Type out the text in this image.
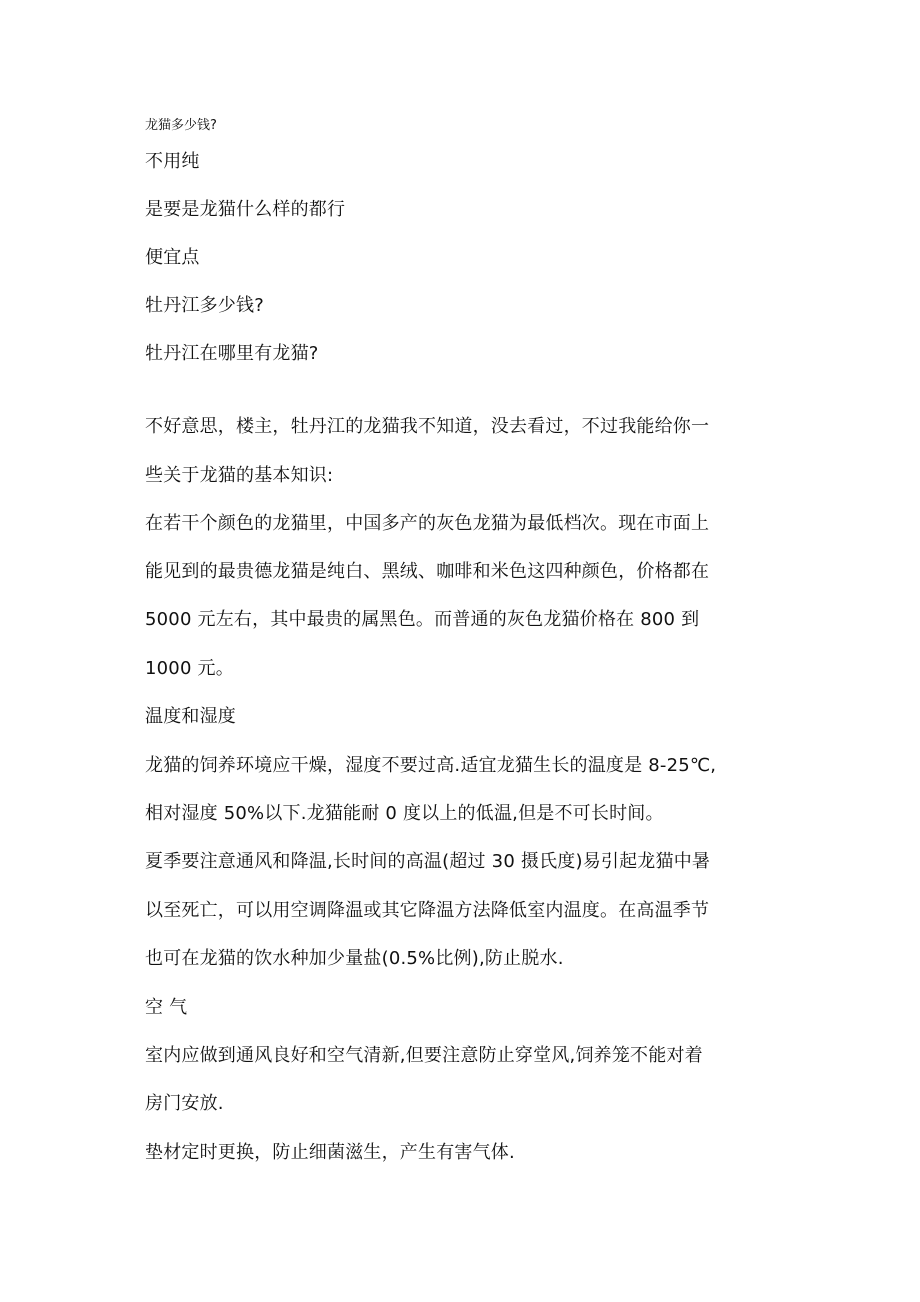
龙猫多少钱?
不用纯
是要是龙猫什么样的都行
便宜点
牡丹江多少钱?
牡丹江在哪里有龙猫?
不好意思，楼主，牡丹江的龙猫我不知道，没去看过，不过我能给你一
些关于龙猫的基本知识:
在若干个颜色的龙猫里，中国多产的灰色龙猫为最低档次。现在市面上
能见到的最贵德龙猫是纯白、黑绒、咖啡和米色这四种颜色，价格都在
5000 元左右，其中最贵的属黑色。而普通的灰色龙猫价格在 800 到
1000 元。
温度和湿度
龙猫的饲养环境应干燥，湿度不要过高.适宜龙猫生长的温度是 8-25℃,
相对湿度 50%以下.龙猫能耐 0 度以上的低温,但是不可长时间。
夏季要注意通风和降温,长时间的高温(超过 30 摄氏度)易引起龙猫中暑
以至死亡，可以用空调降温或其它降温方法降低室内温度。在高温季节
也可在龙猫的饮水种加少量盐(0.5%比例),防止脱水.
空 气
室内应做到通风良好和空气清新,但要注意防止穿堂风,饲养笼不能对着
房门安放.
垫材定时更换，防止细菌滋生，产生有害气体.
